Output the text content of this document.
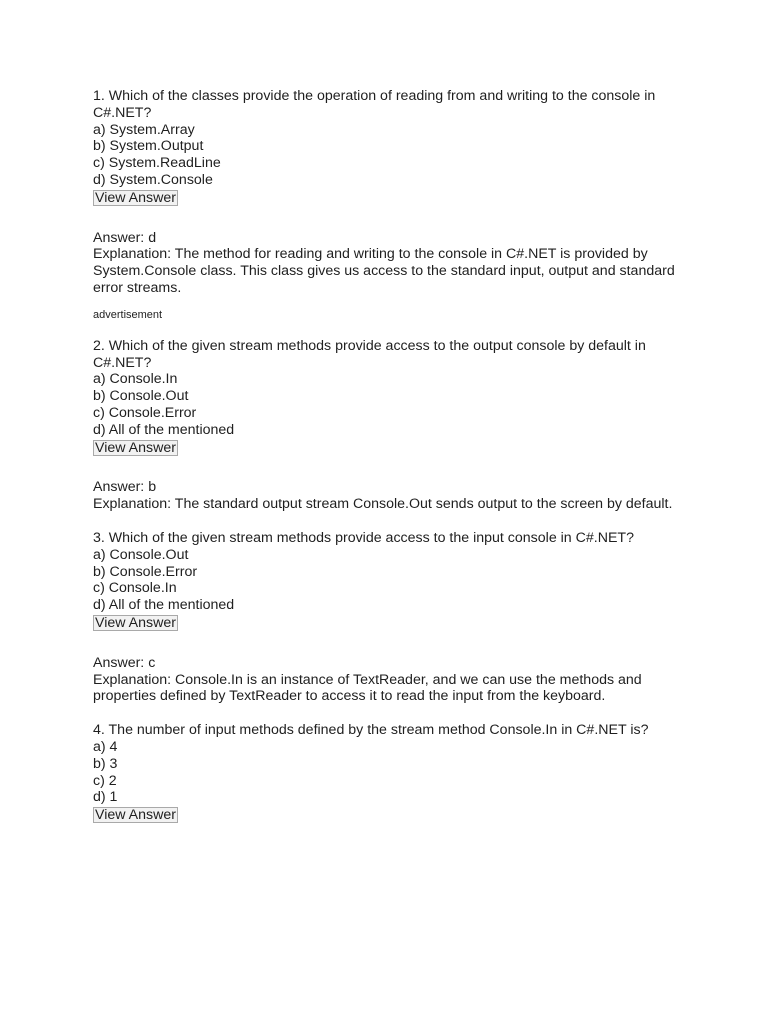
1. Which of the classes provide the operation of reading from and writing to the console in C#.NET?

a) System.Array

b) System.Output

c) System.ReadLine

d) System.Console

View Answer

Answer: d

Explanation: The method for reading and writing to the console in C#.NET is provided by System.Console class. This class gives us access to the standard input, output and standard error streams.

advertisement

2. Which of the given stream methods provide access to the output console by default in C#.NET?

a) Console.In

b) Console.Out

c) Console.Error

d) All of the mentioned

View Answer

Answer: b

Explanation: The standard output stream Console.Out sends output to the screen by default.

3. Which of the given stream methods provide access to the input console in C#.NET?

a) Console.Out

b) Console.Error

c) Console.In

d) All of the mentioned

View Answer

Answer: c

Explanation: Console.In is an instance of TextReader, and we can use the methods and properties defined by TextReader to access it to read the input from the keyboard.

4. The number of input methods defined by the stream method Console.In in C#.NET is?

a) 4

b) 3

c) 2

d) 1

View Answer
